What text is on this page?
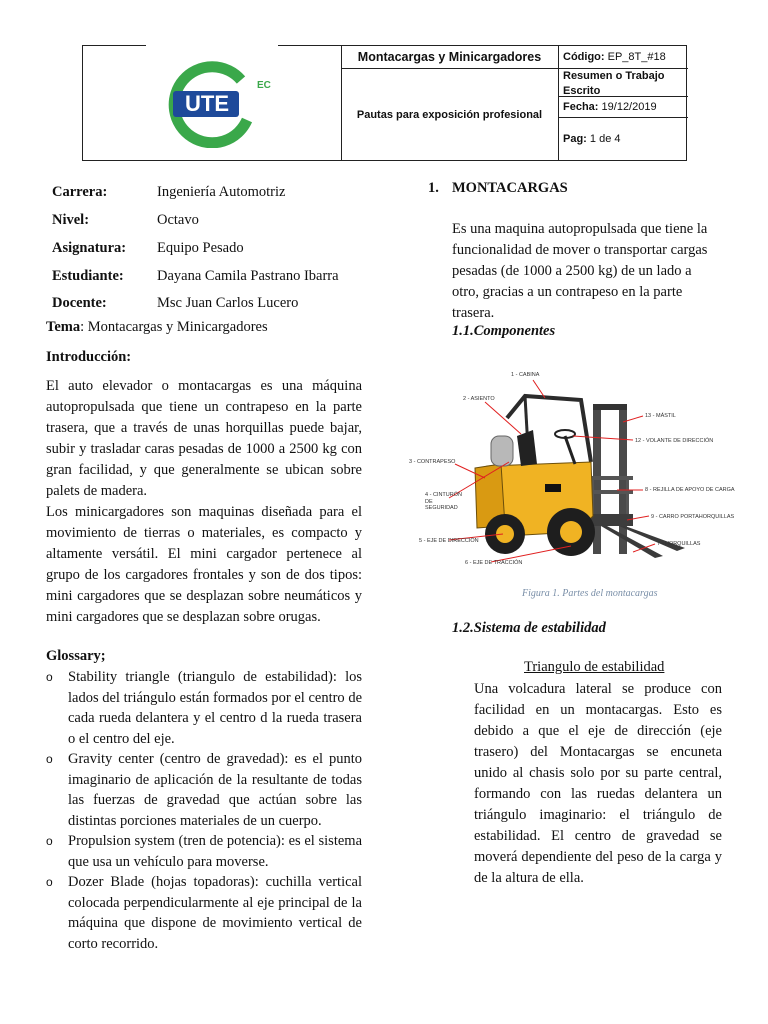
UTE
EC
Montacargas y Minicargadores
Pautas para exposición profesional
Código: EP_8T_#18
Resumen o Trabajo Escrito
Fecha: 19/12/2019
Pag: 1 de 4
Carrera:	Ingeniería Automotriz
Nivel:	Octavo
Asignatura: Equipo Pesado
Estudiante: Dayana Camila Pastrano Ibarra
Docente:	Msc Juan Carlos Lucero
Tema: Montacargas y Minicargadores
Introducción:
El auto elevador o montacargas es una máquina autopropulsada que tiene un contrapeso en la parte trasera, que a través de unas horquillas puede bajar, subir y trasladar caras pesadas de 1000 a 2500 kg con gran facilidad, y que generalmente se ubican sobre palets de madera.
Los minicargadores son maquinas diseñada para el movimiento de tierras o materiales, es compacto y altamente versátil. El mini cargador pertenece al grupo de los cargadores frontales y son de dos tipos: mini cargadores que se desplazan sobre neumáticos y mini cargadores que se desplazan sobre orugas.
Glossary;
o Stability triangle (triangulo de estabilidad): los lados del triángulo están formados por el centro de cada rueda delantera y el centro d la rueda trasera o el centro del eje.
o Gravity center (centro de gravedad): es el punto imaginario de aplicación de la resultante de todas las fuerzas de gravedad que actúan sobre las distintas porciones materiales de un cuerpo.
o Propulsion system (tren de potencia): es el sistema que usa un vehículo para moverse.
o Dozer Blade (hojas topadoras): cuchilla vertical colocada perpendicularmente al eje principal de la máquina que dispone de movimiento vertical de corto recorrido.
1. MONTACARGAS
Es una maquina autopropulsada que tiene la funcionalidad de mover o transportar cargas pesadas (de 1000 a 2500 kg) de un lado a otro, gracias a un contrapeso en la parte trasera.
1.1.Componentes
1 - CABINA
2 - ASIENTO
3 - CONTRAPESO
4 - CINTURÓN DE SEGURIDAD
5 - EJE DE DIRECCIÓN
6 - EJE DE TRACCIÓN
7 - HORQUILLAS
8 - REJILLA DE APOYO DE CARGA
9 - CARRO PORTAHORQUILLAS
12 - VOLANTE DE DIRECCIÓN
13 - MÁSTIL
Figura 1. Partes del montacargas
1.2.Sistema de estabilidad
Triangulo de estabilidad
Una volcadura lateral se produce con facilidad en un montacargas. Esto es debido a que el eje de dirección (eje trasero) del Montacargas se encuneta unido al chasis solo por su parte central, formando con las ruedas delantera un triángulo imaginario: el triángulo de estabilidad. El centro de gravedad se moverá dependiente del peso de la carga y de la altura de ella.
